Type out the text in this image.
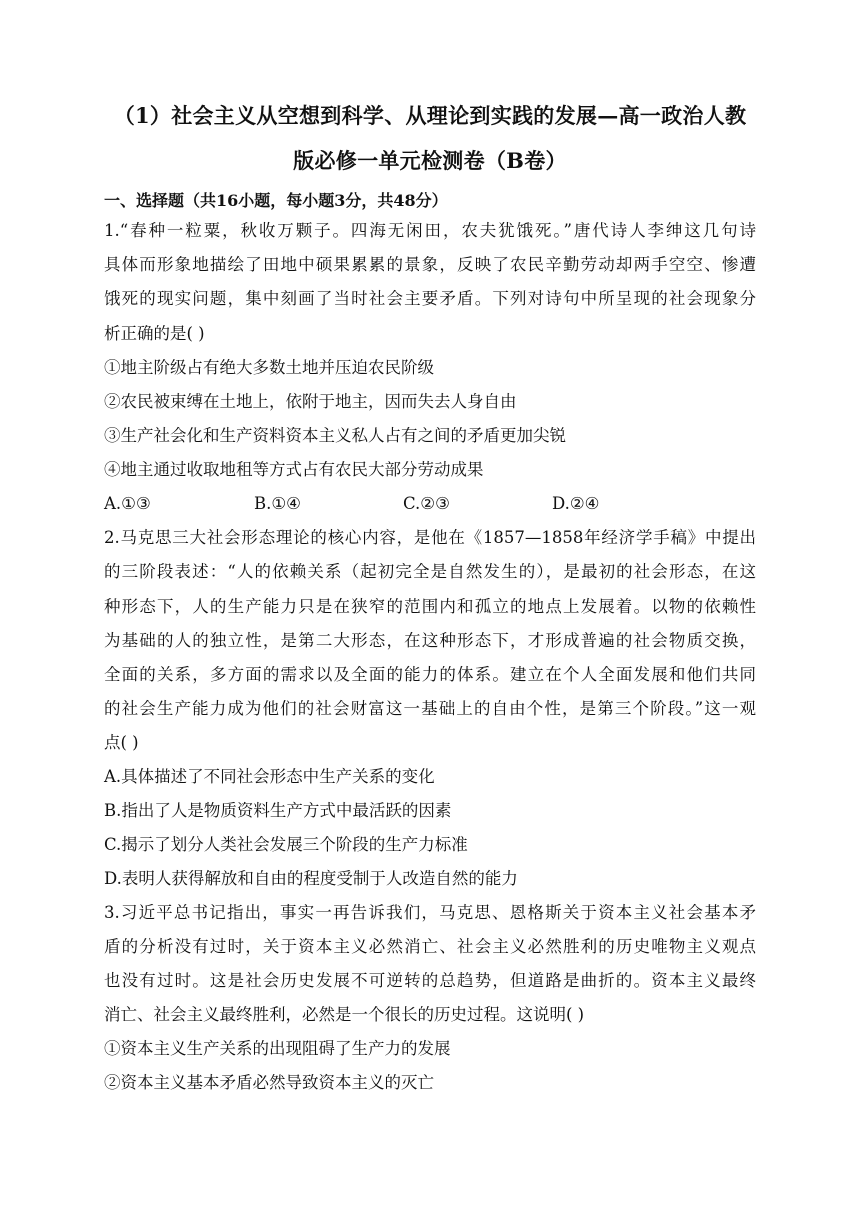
（1）社会主义从空想到科学、从理论到实践的发展—高一政治人教
版必修一单元检测卷（B卷）
一、选择题（共16小题，每小题3分，共48分）
1.“春种一粒粟，秋收万颗子。四海无闲田，农夫犹饿死。”唐代诗人李绅这几句诗
具体而形象地描绘了田地中硕果累累的景象，反映了农民辛勤劳动却两手空空、惨遭
饿死的现实问题，集中刻画了当时社会主要矛盾。下列对诗句中所呈现的社会现象分
析正确的是( )
①地主阶级占有绝大多数土地并压迫农民阶级
②农民被束缚在土地上，依附于地主，因而失去人身自由
③生产社会化和生产资料资本主义私人占有之间的矛盾更加尖锐
④地主通过收取地租等方式占有农民大部分劳动成果
A.①③	B.①④	C.②③	D.②④
2.马克思三大社会形态理论的核心内容，是他在《1857—1858年经济学手稿》中提出
的三阶段表述：“人的依赖关系（起初完全是自然发生的），是最初的社会形态，在这
种形态下，人的生产能力只是在狭窄的范围内和孤立的地点上发展着。以物的依赖性
为基础的人的独立性，是第二大形态，在这种形态下，才形成普遍的社会物质交换，
全面的关系，多方面的需求以及全面的能力的体系。建立在个人全面发展和他们共同
的社会生产能力成为他们的社会财富这一基础上的自由个性，是第三个阶段。”这一观
点( )
A.具体描述了不同社会形态中生产关系的变化
B.指出了人是物质资料生产方式中最活跃的因素
C.揭示了划分人类社会发展三个阶段的生产力标准
D.表明人获得解放和自由的程度受制于人改造自然的能力
3.习近平总书记指出，事实一再告诉我们，马克思、恩格斯关于资本主义社会基本矛
盾的分析没有过时，关于资本主义必然消亡、社会主义必然胜利的历史唯物主义观点
也没有过时。这是社会历史发展不可逆转的总趋势，但道路是曲折的。资本主义最终
消亡、社会主义最终胜利，必然是一个很长的历史过程。这说明( )
①资本主义生产关系的出现阻碍了生产力的发展
②资本主义基本矛盾必然导致资本主义的灭亡
